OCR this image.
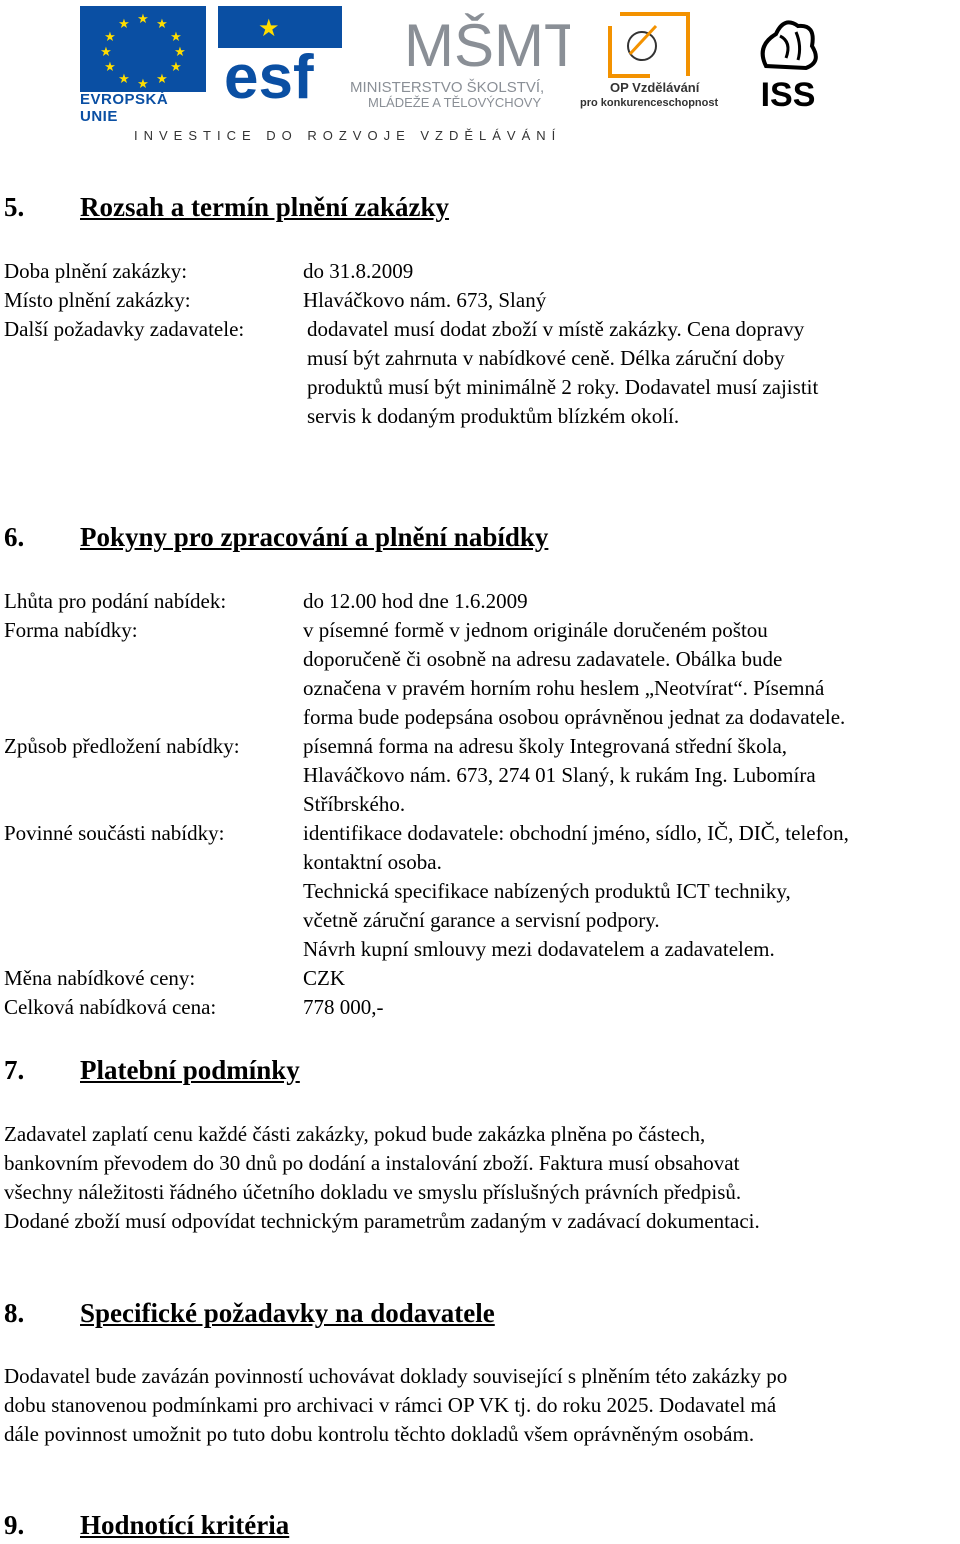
★ ★
★
★
★
★
★
★
★
★
★
★
EVROPSKÁ UNIE
★
esf MŠMT
MINISTERSTVO ŠKOLSTVÍ,
MLÁDEŽE A TĚLOVÝCHOVY
OP Vzdělávání
pro konkurenceschopnost ISS
INVESTICE DO ROZVOJE VZDĚLÁVÁNÍ
5. Rozsah a termín plnění zakázky
Doba plnění zakázky:	do 31.8.2009
Místo plnění zakázky:	Hlaváčkovo nám. 673, Slaný
Další požadavky zadavatele:	dodavatel musí dodat zboží v místě zakázky. Cena dopravy
musí být zahrnuta v nabídkové ceně. Délka záruční doby
produktů musí být minimálně 2 roky. Dodavatel musí zajistit
servis k dodaným produktům blízkém okolí.
6. Pokyny pro zpracování a plnění nabídky
Lhůta pro podání nabídek:	do 12.00 hod dne 1.6.2009
Forma nabídky:	v písemné formě v jednom originále doručeném poštou
doporučeně či osobně na adresu zadavatele. Obálka bude
označena v pravém horním rohu heslem „Neotvírat“. Písemná
forma bude podepsána osobou oprávněnou jednat za dodavatele.
Způsob předložení nabídky:	písemná forma na adresu školy Integrovaná střední škola,
Hlaváčkovo nám. 673, 274 01 Slaný, k rukám Ing. Lubomíra
Stříbrského.
Povinné součásti nabídky:	identifikace dodavatele: obchodní jméno, sídlo, IČ, DIČ, telefon,
kontaktní osoba.
Technická specifikace nabízených produktů ICT techniky,
včetně záruční garance a servisní podpory.
Návrh kupní smlouvy mezi dodavatelem a zadavatelem.
Měna nabídkové ceny:	CZK
Celková nabídková cena:	778 000,-
7. Platební podmínky
Zadavatel zaplatí cenu každé části zakázky, pokud bude zakázka plněna po částech,
bankovním převodem do 30 dnů po dodání a instalování zboží. Faktura musí obsahovat
všechny náležitosti řádného účetního dokladu ve smyslu příslušných právních předpisů.
Dodané zboží musí odpovídat technickým parametrům zadaným v zadávací dokumentaci.
8. Specifické požadavky na dodavatele
Dodavatel bude zavázán povinností uchovávat doklady související s plněním této zakázky po
dobu stanovenou podmínkami pro archivaci v rámci OP VK tj. do roku 2025. Dodavatel má
dále povinnost umožnit po tuto dobu kontrolu těchto dokladů všem oprávněným osobám.
9. Hodnotící kritéria
